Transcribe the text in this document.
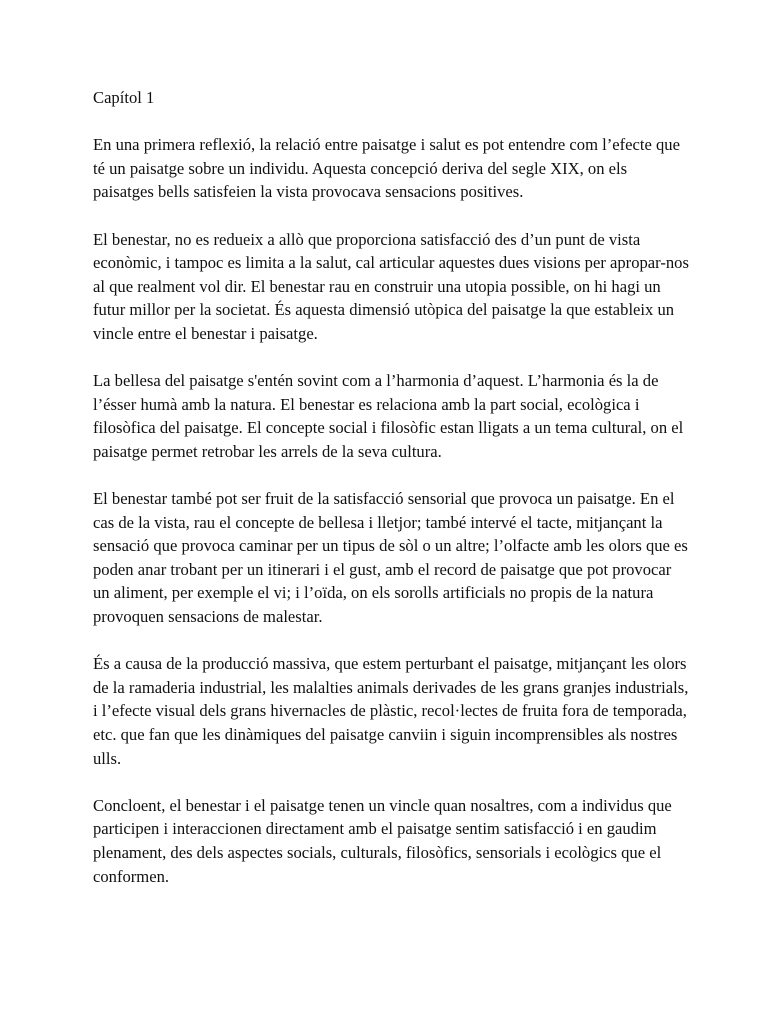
Capítol 1

En una primera reflexió, la relació entre paisatge i salut es pot entendre com l’efecte que té un paisatge sobre un individu. Aquesta concepció deriva del segle XIX, on els paisatges bells satisfeien la vista provocava sensacions positives.

El benestar, no es redueix a allò que proporciona satisfacció des d’un punt de vista econòmic, i tampoc es limita a la salut, cal articular aquestes dues visions per apropar-nos al que realment vol dir. El benestar rau en construir una utopia possible, on hi hagi un futur millor per la societat. És aquesta dimensió utòpica del paisatge la que estableix un vincle entre el benestar i paisatge.

La bellesa del paisatge s'entén sovint com a l’harmonia d’aquest. L’harmonia és la de l’ésser humà amb la natura. El benestar es relaciona amb la part social, ecològica i filosòfica del paisatge. El concepte social i filosòfic estan lligats a un tema cultural, on el paisatge permet retrobar les arrels de la seva cultura.

El benestar també pot ser fruit de la satisfacció sensorial que provoca un paisatge. En el cas de la vista, rau el concepte de bellesa i lletjor; també intervé el tacte, mitjançant la sensació que provoca caminar per un tipus de sòl o un altre; l’olfacte amb les olors que es poden anar trobant per un itinerari i el gust, amb el record de paisatge que pot provocar un aliment, per exemple el vi; i l’oïda, on els sorolls artificials no propis de la natura provoquen sensacions de malestar.

És a causa de la producció massiva, que estem perturbant el paisatge, mitjançant les olors de la ramaderia industrial, les malalties animals derivades de les grans granjes industrials, i l’efecte visual dels grans hivernacles de plàstic, recol·lectes de fruita fora de temporada, etc. que fan que les dinàmiques del paisatge canviin i siguin incomprensibles als nostres ulls.

Concloent, el benestar i el paisatge tenen un vincle quan nosaltres, com a individus que participen i interaccionen directament amb el paisatge sentim satisfacció i en gaudim plenament, des dels aspectes socials, culturals, filosòfics, sensorials i ecològics que el conformen.
